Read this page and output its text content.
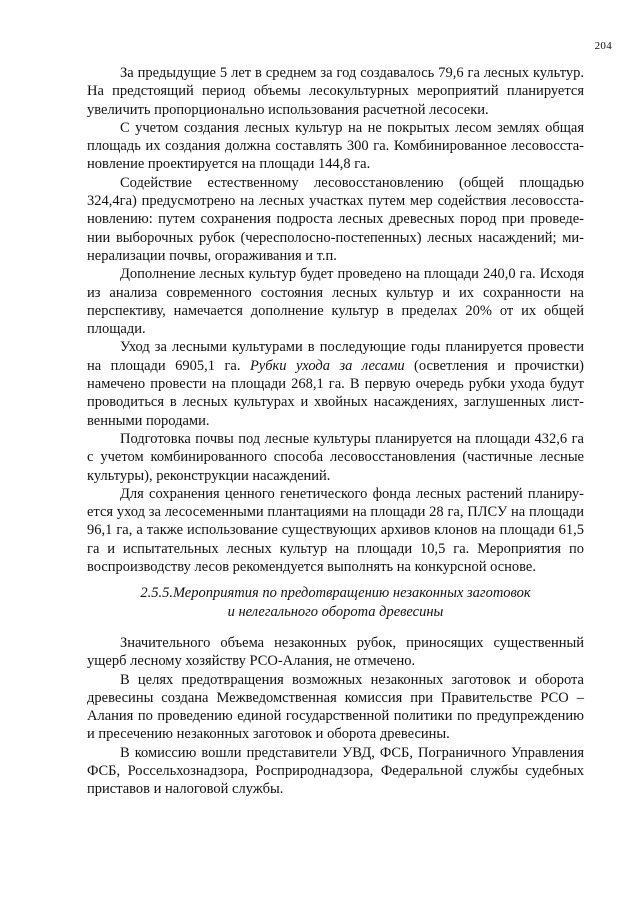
204

За предыдущие 5 лет в среднем за год создавалось 79,6 га лесных культур. На предстоящий период объемы лесокультурных мероприятий планируется увеличить пропорционально использования расчетной лесосеки.

С учетом создания лесных культур на не покрытых лесом землях общая площадь их создания должна составлять 300 га. Комбинированное лесовосстановление проектируется на площади 144,8 га.

Содействие естественному лесовосстановлению (общей площадью 324,4га) предусмотрено на лесных участках путем мер содействия лесовосстановлению: путем сохранения подроста лесных древесных пород при проведении выборочных рубок (чересполосно-постепенных) лесных насаждений; минерализации почвы, огораживания и т.п.

Дополнение лесных культур будет проведено на площади 240,0 га. Исходя из анализа современного состояния лесных культур и их сохранности на перспективу, намечается дополнение культур в пределах 20% от их общей площади.

Уход за лесными культурами в последующие годы планируется провести на площади 6905,1 га. Рубки ухода за лесами (осветления и прочистки) намечено провести на площади 268,1 га. В первую очередь рубки ухода будут проводиться в лесных культурах и хвойных насаждениях, заглушенных лиственными породами.

Подготовка почвы под лесные культуры планируется на площади 432,6 га с учетом комбинированного способа лесовосстановления (частичные лесные культуры), реконструкции насаждений.

Для сохранения ценного генетического фонда лесных растений планируется уход за лесосеменными плантациями на площади 28 га, ПЛСУ на площади 96,1 га, а также использование существующих архивов клонов на площади 61,5 га и испытательных лесных культур на площади 10,5 га. Мероприятия по воспроизводству лесов рекомендуется выполнять на конкурсной основе.

2.5.5.Мероприятия по предотвращению незаконных заготовок
и нелегального оборота древесины

Значительного объема незаконных рубок, приносящих существенный ущерб лесному хозяйству РСО-Алания, не отмечено.

В целях предотвращения возможных незаконных заготовок и оборота древесины создана Межведомственная комиссия при Правительстве РСО – Алания по проведению единой государственной политики по предупреждению и пресечению незаконных заготовок и оборота древесины.

В комиссию вошли представители УВД, ФСБ, Пограничного Управления ФСБ, Россельхознадзора, Росприроднадзора, Федеральной службы судебных приставов и налоговой службы.
